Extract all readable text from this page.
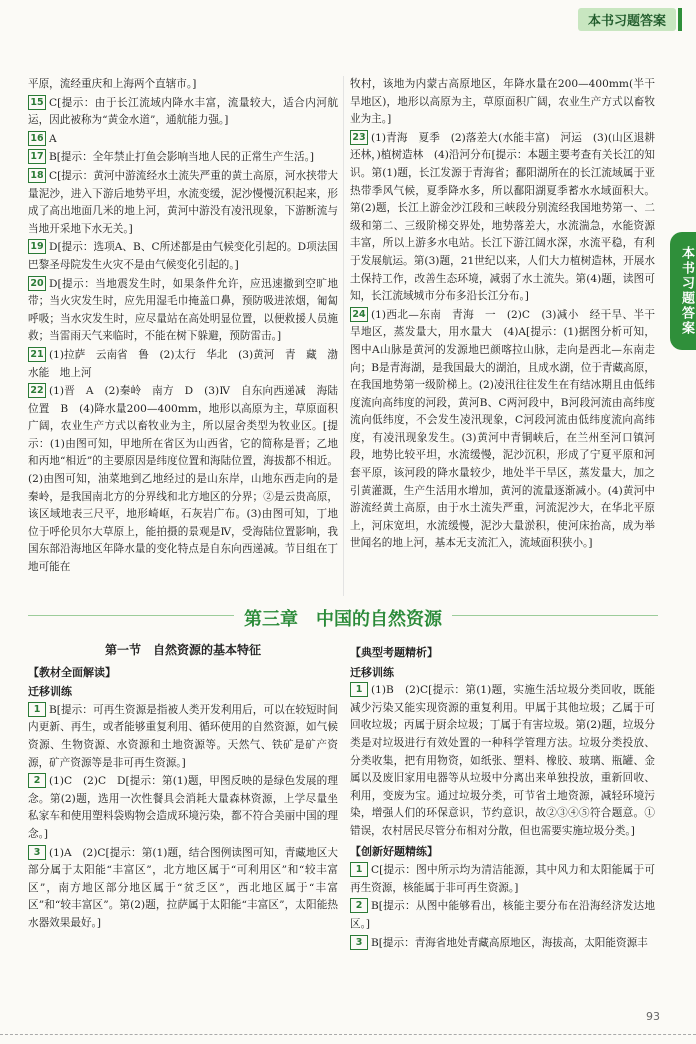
本书习题答案
本书习题答案
平原，流经重庆和上海两个直辖市。]
15 C[提示：由于长江流域内降水丰富，流量较大，适合内河航运，因此被称为“黄金水道”，通航能力强。]
16 A
17 B[提示：全年禁止打鱼会影响当地人民的正常生产生活。]
18 C[提示：黄河中游流经水土流失严重的黄土高原，河水挟带大量泥沙，进入下游后地势平坦，水流变缓，泥沙慢慢沉积起来，形成了高出地面几米的地上河，黄河中游没有凌汛现象，下游断流与当地开采地下水无关。]
19 D[提示：选项A、B、C所述都是由气候变化引起的。D项法国巴黎圣母院发生火灾不是由气候变化引起的。]
20 D[提示：当地震发生时，如果条件允许，应迅速撤到空旷地带；当火灾发生时，应先用湿毛巾掩盖口鼻，预防吸进浓烟，匍匐呼吸；当水灾发生时，应尽量站在高处明显位置，以便救援人员施救；当雷雨天气来临时，不能在树下躲避，预防雷击。]
21 (1)拉萨　云南省　鲁　(2)太行　华北　(3)黄河　青　藏　渤　水能　地上河
22 (1)晋　A　(2)秦岭　南方　D　(3)Ⅳ　自东向西递减　海陆位置　B　(4)降水量200—400mm，地形以高原为主，草原面积广阔，农业生产方式以畜牧业为主，所以屋舍类型为牧业区。[提示：(1)由图可知，甲地所在省区为山西省，它的简称是晋；乙地和丙地“相近”的主要原因是纬度位置和海陆位置，海拔都不相近。(2)由图可知，油菜地到乙地经过的是山东岸，山地东西走向的是秦岭，是我国南北方的分界线和北方地区的分界；②是云贵高原，该区域地表三尺平，地形崎岖，石灰岩广布。(3)由图可知，丁地位于呼伦贝尔大草原上，能拍摄的景观是Ⅳ，受海陆位置影响，我国东部沿海地区年降水量的变化特点是自东向西递减。节目组在丁地可能在
牧村，该地为内蒙古高原地区，年降水量在200—400mm(半干旱地区)，地形以高原为主，草原面积广阔，农业生产方式以畜牧业为主。]
23 (1)青海　夏季　(2)落差大(水能丰富)　河运　(3)(山区退耕还林，)植树造林　(4)沿河分布[提示：本题主要考查有关长江的知识。第(1)题，长江发源于青海省；鄱阳湖所在的长江流域属于亚热带季风气候，夏季降水多，所以鄱阳湖夏季蓄水水域面积大。第(2)题，长江上游金沙江段和三峡段分别流经我国地势第一、二级和第二、三级阶梯交界处，地势落差大，水流湍急，水能资源丰富，所以上游多水电站。长江下游江阔水深，水流平稳，有利于发展航运。第(3)题，21世纪以来，人们大力植树造林，开展水土保持工作，改善生态环境，减弱了水土流失。第(4)题，读图可知，长江流域城市分布多沿长江分布。]
24 (1)西北—东南　青海　一　(2)C　(3)减小　经干旱、半干旱地区，蒸发量大，用水量大　(4)A[提示：(1)据图分析可知，图中A山脉是黄河的发源地巴颜喀拉山脉，走向是西北—东南走向；B是青海湖，是我国最大的湖泊，且成水湖，位于青藏高原，在我国地势第一级阶梯上。(2)凌汛往往发生在有结冰期且由低纬度流向高纬度的河段，黄河B、C两河段中，B河段河流由高纬度流向低纬度，不会发生凌汛现象，C河段河流由低纬度流向高纬度，有凌汛现象发生。(3)黄河中青铜峡后，在兰州至河口镇河段，地势比较平坦，水流缓慢，泥沙沉积，形成了宁夏平原和河套平原，该河段的降水量较少，地处半干旱区，蒸发量大，加之引黄灌溉，生产生活用水增加，黄河的流量逐渐减小。(4)黄河中游流经黄土高原，由于水土流失严重，河流泥沙大，在华北平原上，河床宽坦，水流缓慢，泥沙大量淤积，使河床抬高，成为举世闻名的地上河，基本无支流汇入，流域面积狭小。]
第三章　中国的自然资源
第一节　自然资源的基本特征
【教材全面解读】
迁移训练
1 B[提示：可再生资源是指被人类开发利用后，可以在较短时间内更新、再生，或者能够重复利用、循环使用的自然资源，如气候资源、生物资源、水资源和土地资源等。天然气、铁矿是矿产资源，矿产资源等是非可再生资源。]
2 (1)C　(2)C　D[提示：第(1)题，甲图反映的是绿色发展的理念。第(2)题，选用一次性餐具会消耗大量森林资源，上学尽量坐私家车和使用塑料袋购物会造成环境污染，都不符合美丽中国的理念。]
3 (1)A　(2)C[提示：第(1)题，结合图例读图可知，青藏地区大部分属于太阳能“丰富区”，北方地区属于“可利用区”和“较丰富区”，南方地区部分地区属于“贫乏区”，西北地区属于“丰富区”和“较丰富区”。第(2)题，拉萨属于太阳能“丰富区”，太阳能热水器效果最好。]
【典型考题精析】
迁移训练
1 (1)B　(2)C[提示：第(1)题，实施生活垃圾分类回收，既能减少污染又能实现资源的重复利用。甲属于其他垃圾；乙属于可回收垃圾；丙属于厨余垃圾；丁属于有害垃圾。第(2)题，垃圾分类是对垃圾进行有效处置的一种科学管理方法。垃圾分类投放、分类收集，把有用物资，如纸张、塑料、橡胶、玻璃、瓶罐、金属以及废旧家用电器等从垃圾中分离出来单独投放，重新回收、利用，变废为宝。通过垃圾分类，可节省土地资源，减轻环境污染，增强人们的环保意识，节约意识，故②③④⑤符合题意。①错误，农村居民尽管分布相对分散，但也需要实施垃圾分类。]
【创新好题精练】
1 C[提示：图中所示均为清洁能源，其中风力和太阳能属于可再生资源，核能属于非可再生资源。]
2 B[提示：从图中能够看出，核能主要分布在沿海经济发达地区。]
3 B[提示：青海省地处青藏高原地区，海拔高，太阳能资源丰
93
